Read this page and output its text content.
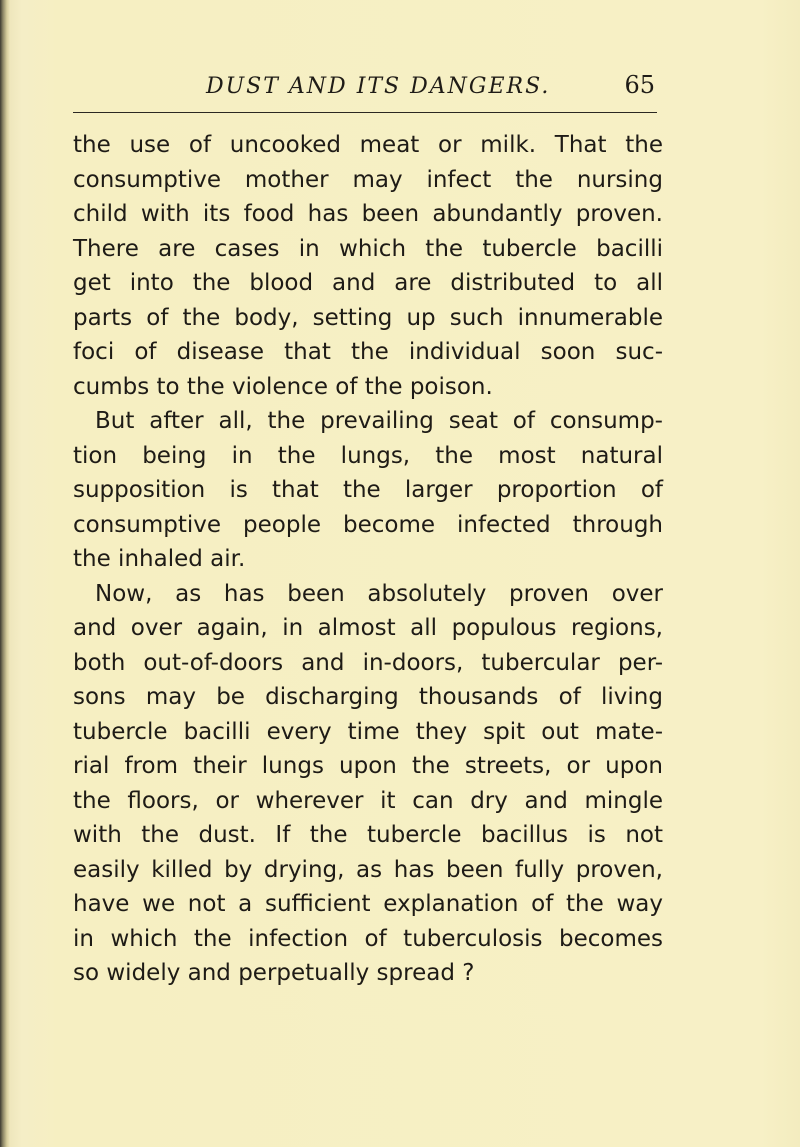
DUST AND ITS DANGERS.	65
the use of uncooked meat or milk. That the
consumptive mother may infect the nursing
child with its food has been abundantly proven.
There are cases in which the tubercle bacilli
get into the blood and are distributed to all
parts of the body, setting up such innumerable
foci of disease that the individual soon suc-
cumbs to the violence of the poison.
But after all, the prevailing seat of consump-
tion being in the lungs, the most natural
supposition is that the larger proportion of
consumptive people become infected through
the inhaled air.
Now, as has been absolutely proven over
and over again, in almost all populous regions,
both out-of-doors and in-doors, tubercular per-
sons may be discharging thousands of living
tubercle bacilli every time they spit out mate-
rial from their lungs upon the streets, or upon
the floors, or wherever it can dry and mingle
with the dust. If the tubercle bacillus is not
easily killed by drying, as has been fully proven,
have we not a sufficient explanation of the way
in which the infection of tuberculosis becomes
so widely and perpetually spread ?
